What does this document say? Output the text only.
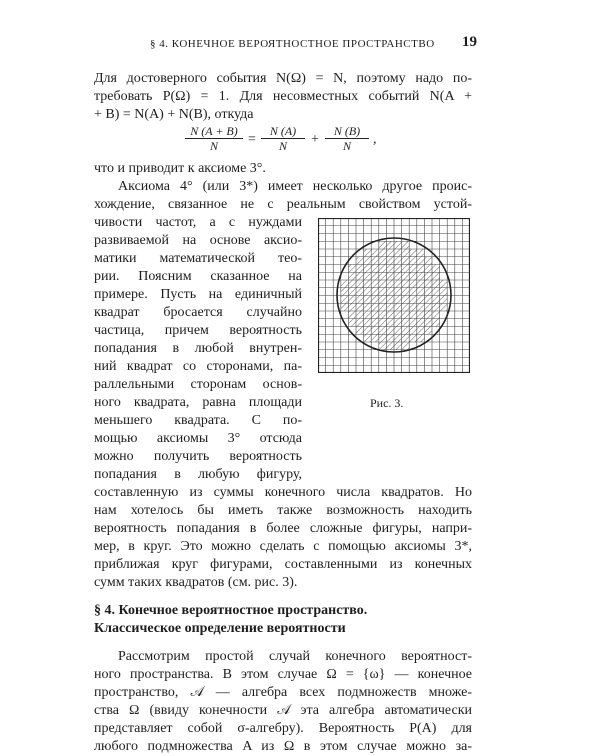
§ 4. КОНЕЧНОЕ ВЕРОЯТНОСТНОЕ ПРОСТРАНСТВО 19
Для достоверного события N(Ω) = N, поэтому надо по-
требовать P(Ω) = 1. Для несовместных событий N(A +
+ B) = N(A) + N(B), откуда
$\frac{N (A + B)}{N} = \frac{N (A)}{N} + \frac{N (B)}{N}$ ,
что и приводит к аксиоме 3°.
Аксиома 4° (или 3*) имеет несколько другое проис-
хождение, связанное не с реальным свойством устой-
чивости частот, а с нуждами
развиваемой на основе аксио-
матики математической тео-
рии. Поясним сказанное на
примере. Пусть на единичный
квадрат бросается случайно
частица, причем вероятность
попадания в любой внутрен-
ний квадрат со сторонами, па-
раллельными сторонам основ-
ного квадрата, равна площади
меньшего квадрата. С по-
мощью аксиомы 3° отсюда
можно получить вероятность
попадания в любую фигуру,
составленную из суммы конечного числа квадратов. Но
нам хотелось бы иметь также возможность находить
вероятность попадания в более сложные фигуры, напри-
мер, в круг. Это можно сделать с помощью аксиомы 3*,
приближая круг фигурами, составленными из конечных
сумм таких квадратов (см. рис. 3).
Рис. 3.
§ 4. Конечное вероятностное пространство.
Классическое определение вероятности
Рассмотрим простой случай конечного вероятност-
ного пространства. В этом случае Ω = {ω} — конечное
пространство, 𝒜 — алгебра всех подмножеств множе-
ства Ω (ввиду конечности 𝒜 эта алгебра автоматически
представляет собой σ-алгебру). Вероятность P(A) для
любого подмножества A из Ω в этом случае можно за-
